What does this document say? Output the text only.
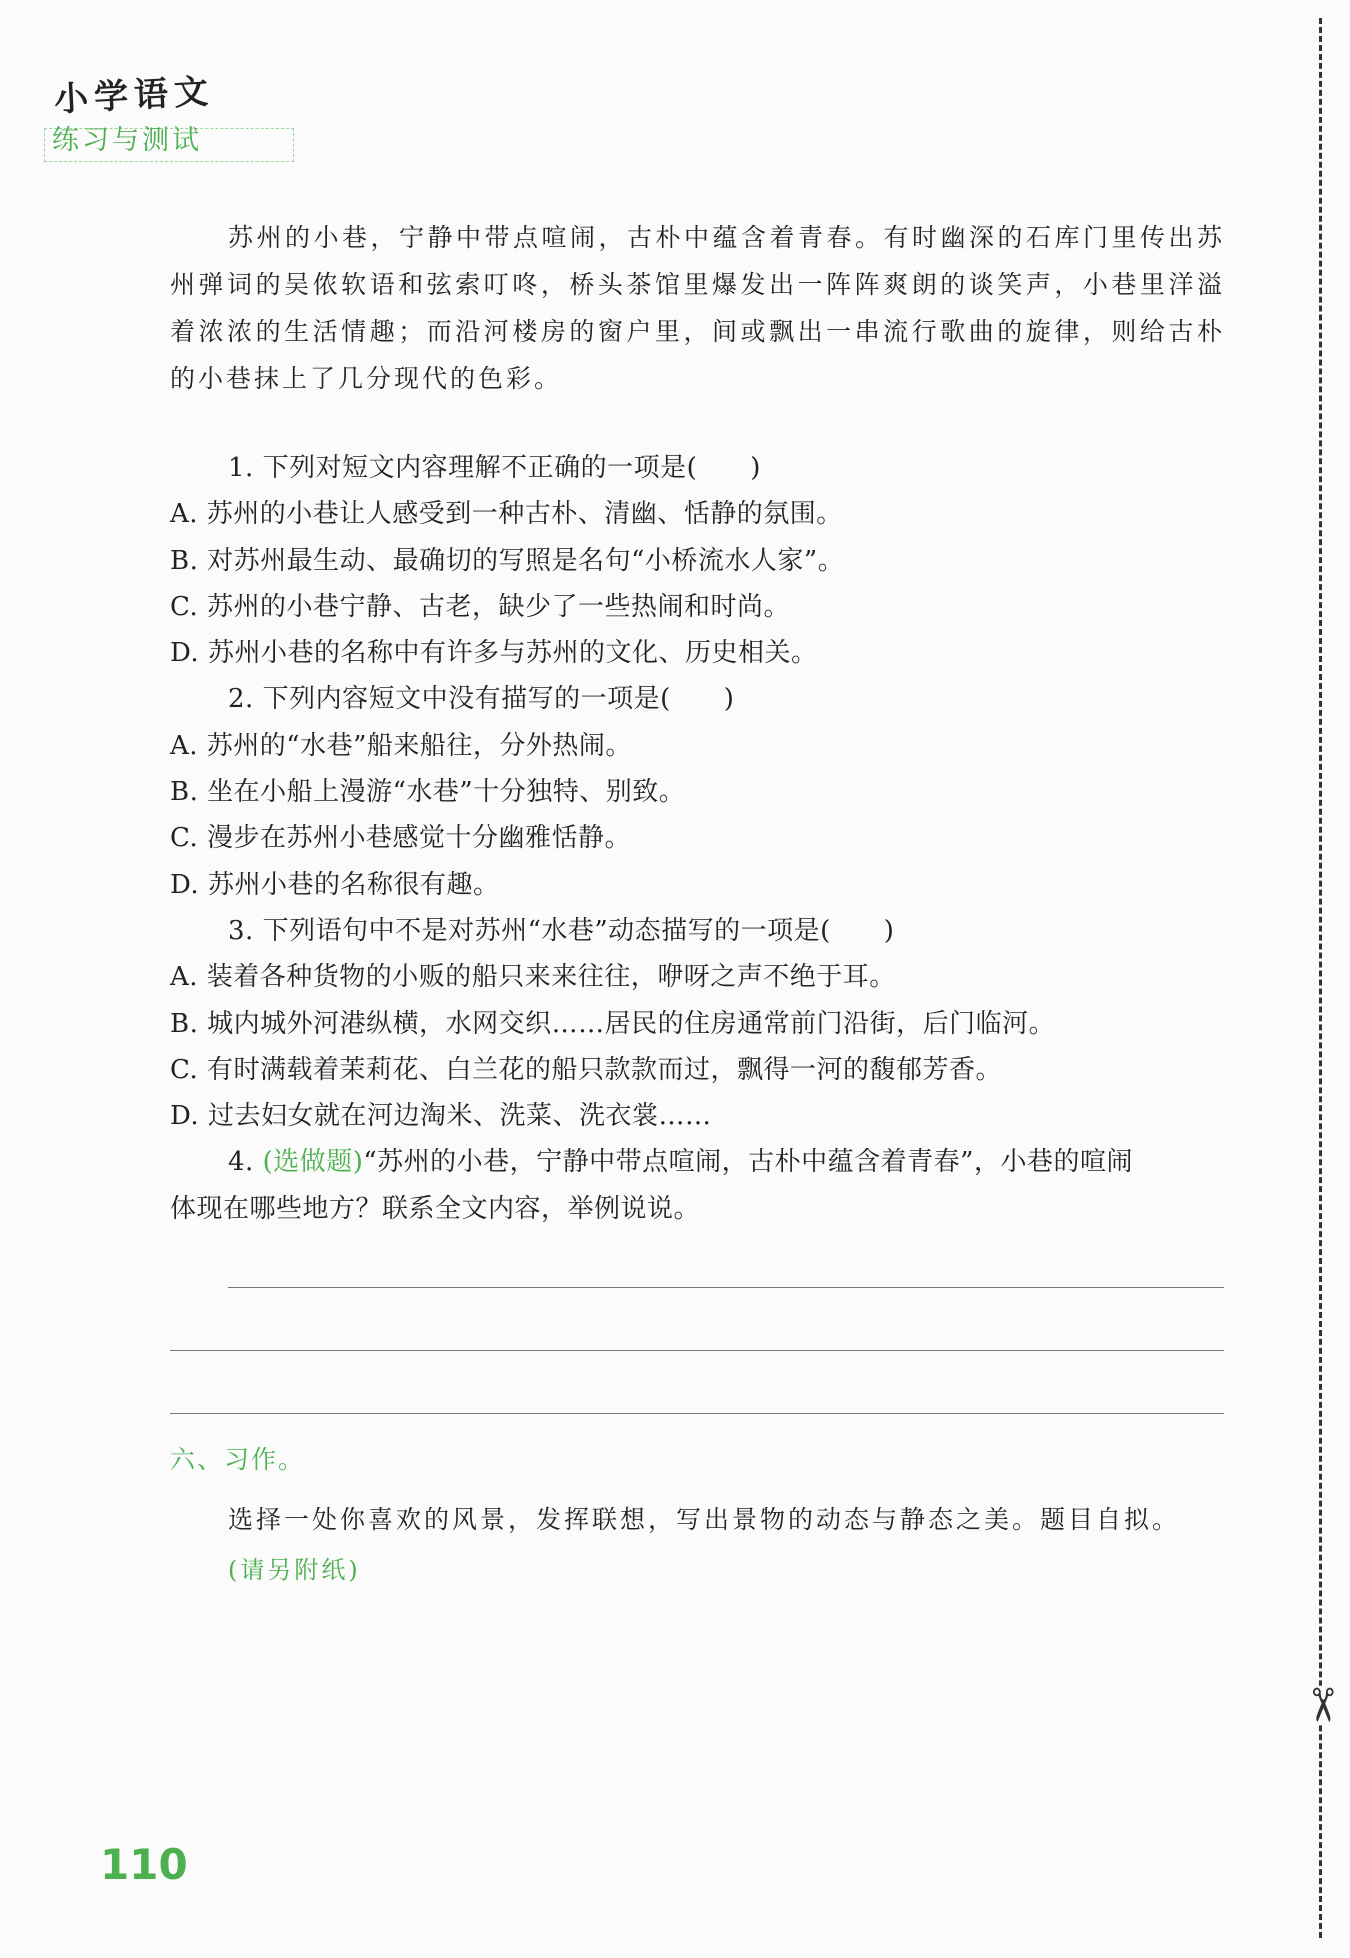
小学语文
练习与测试
✂

苏州的小巷，宁静中带点喧闹，古朴中蕴含着青春。有时幽深的石库门里传出苏州弹词的吴侬软语和弦索叮咚，桥头茶馆里爆发出一阵阵爽朗的谈笑声，小巷里洋溢着浓浓的生活情趣；而沿河楼房的窗户里，间或飘出一串流行歌曲的旋律，则给古朴的小巷抹上了几分现代的色彩。

1. 下列对短文内容理解不正确的一项是(　　)
A. 苏州的小巷让人感受到一种古朴、清幽、恬静的氛围。
B. 对苏州最生动、最确切的写照是名句“小桥流水人家”。
C. 苏州的小巷宁静、古老，缺少了一些热闹和时尚。
D. 苏州小巷的名称中有许多与苏州的文化、历史相关。
2. 下列内容短文中没有描写的一项是(　　)
A. 苏州的“水巷”船来船往，分外热闹。
B. 坐在小船上漫游“水巷”十分独特、别致。
C. 漫步在苏州小巷感觉十分幽雅恬静。
D. 苏州小巷的名称很有趣。
3. 下列语句中不是对苏州“水巷”动态描写的一项是(　　)
A. 装着各种货物的小贩的船只来来往往，咿呀之声不绝于耳。
B. 城内城外河港纵横，水网交织……居民的住房通常前门沿街，后门临河。
C. 有时满载着茉莉花、白兰花的船只款款而过，飘得一河的馥郁芳香。
D. 过去妇女就在河边淘米、洗菜、洗衣裳……
4. (选做题)“苏州的小巷，宁静中带点喧闹，古朴中蕴含着青春”，小巷的喧闹
体现在哪些地方？联系全文内容，举例说说。
六、习作。
选择一处你喜欢的风景，发挥联想，写出景物的动态与静态之美。题目自拟。
(请另附纸)
110
